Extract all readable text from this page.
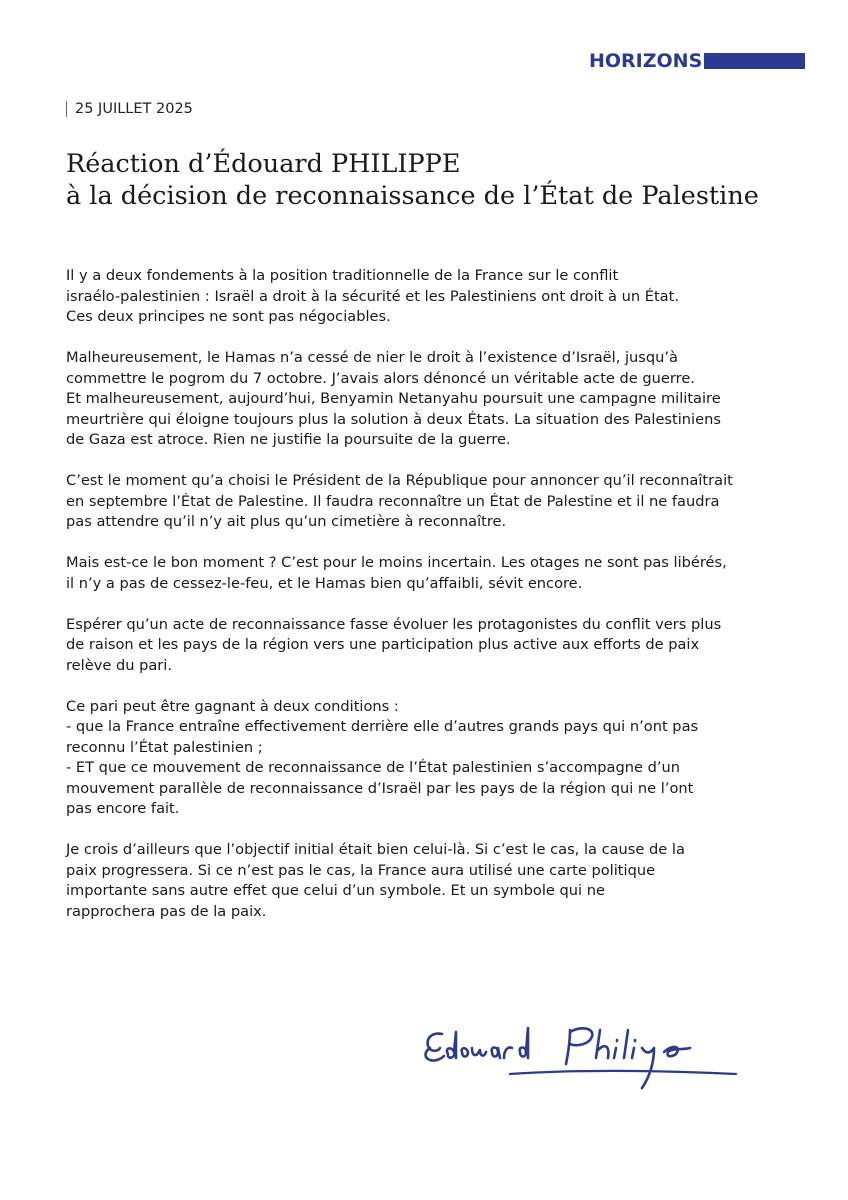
HORIZONS
25 JUILLET 2025
Réaction d’Édouard PHILIPPE
à la décision de reconnaissance de l’État de Palestine

Il y a deux fondements à la position traditionnelle de la France sur le conflit
israélo-palestinien : Israël a droit à la sécurité et les Palestiniens ont droit à un État.
Ces deux principes ne sont pas négociables.

Malheureusement, le Hamas n’a cessé de nier le droit à l’existence d’Israël, jusqu’à
commettre le pogrom du 7 octobre. J’avais alors dénoncé un véritable acte de guerre.
Et malheureusement, aujourd’hui, Benyamin Netanyahu poursuit une campagne militaire
meurtrière qui éloigne toujours plus la solution à deux États. La situation des Palestiniens
de Gaza est atroce. Rien ne justifie la poursuite de la guerre.

C’est le moment qu’a choisi le Président de la République pour annoncer qu’il reconnaîtrait
en septembre l’État de Palestine. Il faudra reconnaître un État de Palestine et il ne faudra
pas attendre qu’il n’y ait plus qu’un cimetière à reconnaître.

Mais est-ce le bon moment ? C’est pour le moins incertain. Les otages ne sont pas libérés,
il n’y a pas de cessez-le-feu, et le Hamas bien qu’affaibli, sévit encore.

Espérer qu’un acte de reconnaissance fasse évoluer les protagonistes du conflit vers plus
de raison et les pays de la région vers une participation plus active aux efforts de paix
relève du pari.

Ce pari peut être gagnant à deux conditions :
- que la France entraîne effectivement derrière elle d’autres grands pays qui n’ont pas
reconnu l’État palestinien ;
- ET que ce mouvement de reconnaissance de l’État palestinien s’accompagne d’un
mouvement parallèle de reconnaissance d’Israël par les pays de la région qui ne l’ont
pas encore fait.

Je crois d’ailleurs que l’objectif initial était bien celui-là. Si c’est le cas, la cause de la
paix progressera. Si ce n’est pas le cas, la France aura utilisé une carte politique
importante sans autre effet que celui d’un symbole. Et un symbole qui ne
rapprochera pas de la paix.
